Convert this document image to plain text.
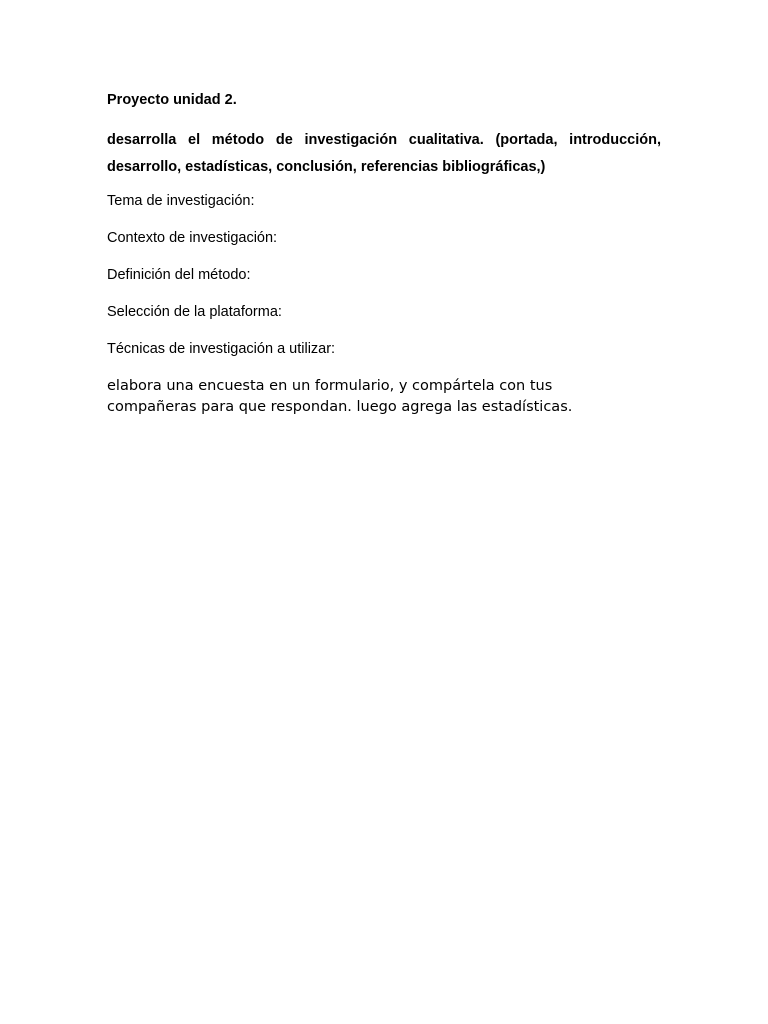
Proyecto unidad 2.

desarrolla el método de investigación cualitativa. (portada, introducción, desarrollo, estadísticas, conclusión, referencias bibliográficas,)

Tema de investigación:

Contexto de investigación:

Definición del método:

Selección de la plataforma:

Técnicas de investigación a utilizar:

elabora una encuesta en un formulario, y compártela con tus
compañeras para que respondan. luego agrega las estadísticas.
